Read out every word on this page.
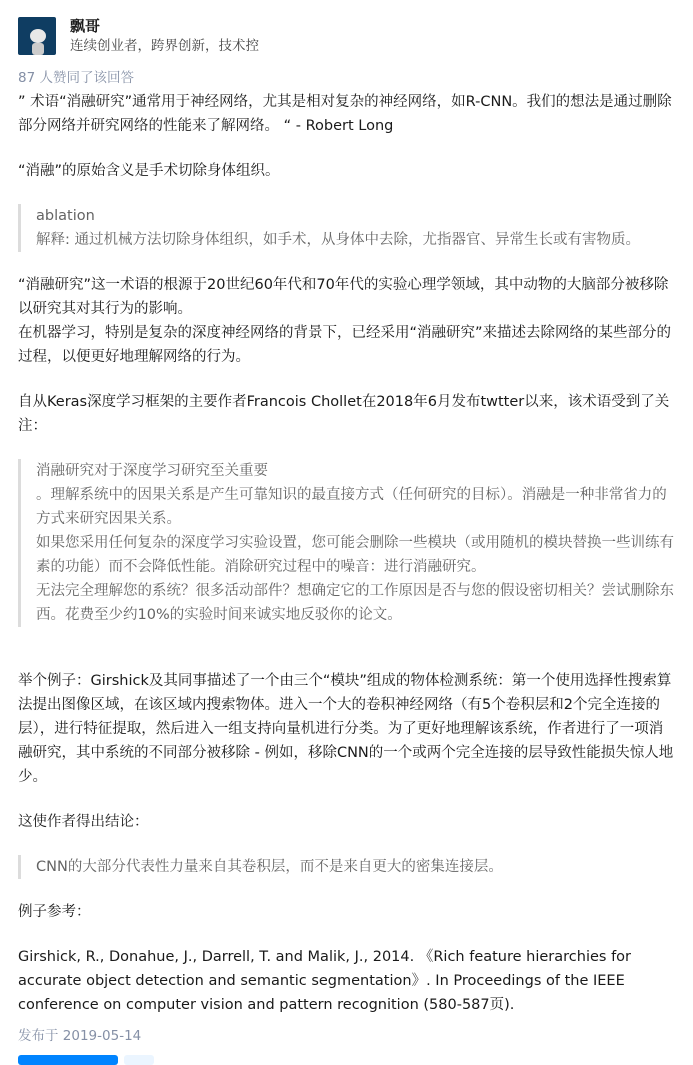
飘哥
连续创业者，跨界创新，技术控
87 人赞同了该回答

” 术语“消融研究”通常用于神经网络，尤其是相对复杂的神经网络，如R-CNN。我们的想法是通过删除部分网络并研究网络的性能来了解网络。 “ - Robert Long

“消融”的原始含义是手术切除身体组织。

ablation
解释: 通过机械方法切除身体组织，如手术，从身体中去除，尤指器官、异常生长或有害物质。

“消融研究”这一术语的根源于20世纪60年代和70年代的实验心理学领域，其中动物的大脑部分被移除以研究其对其行为的影响。

在机器学习，特别是复杂的深度神经网络的背景下，已经采用“消融研究”来描述去除网络的某些部分的过程，以便更好地理解网络的行为。

自从Keras深度学习框架的主要作者Francois Chollet在2018年6月发布twtter以来，该术语受到了关注：

消融研究对于深度学习研究至关重要
。理解系统中的因果关系是产生可靠知识的最直接方式（任何研究的目标）。消融是一种非常省力的方式来研究因果关系。
如果您采用任何复杂的深度学习实验设置，您可能会删除一些模块（或用随机的模块替换一些训练有素的功能）而不会降低性能。消除研究过程中的噪音：进行消融研究。
无法完全理解您的系统？很多活动部件？想确定它的工作原因是否与您的假设密切相关？尝试删除东西。花费至少约10%的实验时间来诚实地反驳你的论文。

举个例子：Girshick及其同事描述了一个由三个“模块”组成的物体检测系统：第一个使用选择性搜索算法提出图像区域，在该区域内搜索物体。进入一个大的卷积神经网络（有5个卷积层和2个完全连接的层），进行特征提取，然后进入一组支持向量机进行分类。为了更好地理解该系统，作者进行了一项消融研究，其中系统的不同部分被移除 - 例如，移除CNN的一个或两个完全连接的层导致性能损失惊人地少。

这使作者得出结论：

CNN的大部分代表性力量来自其卷积层，而不是来自更大的密集连接层。

例子参考：

Girshick, R., Donahue, J., Darrell, T. and Malik, J., 2014. 《Rich feature hierarchies for accurate object detection and semantic segmentation》. In Proceedings of the IEEE conference on computer vision and pattern recognition (580-587页).

发布于 2019-05-14
